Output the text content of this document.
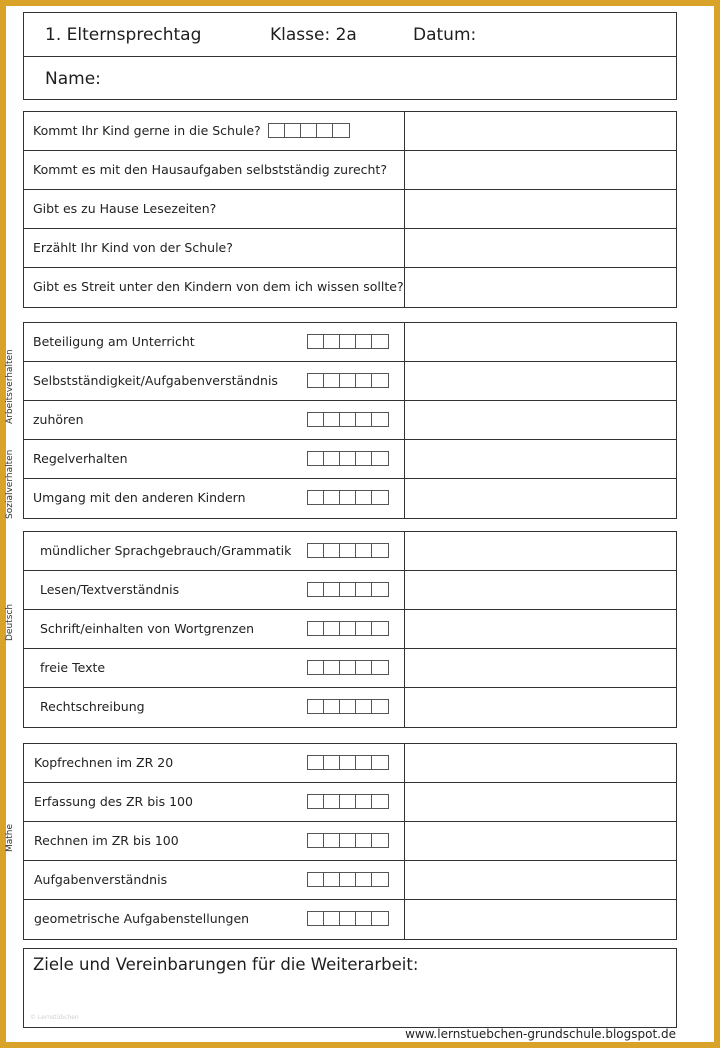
1. Elternsprechtag	Klasse: 2a	Datum:
Name:
Arbeitsverhalten
Sozialverhalten
Deutsch
Mathe
Kommt Ihr Kind gerne in die Schule?
Kommt es mit den Hausaufgaben selbstständig zurecht?
Gibt es zu Hause Lesezeiten?
Erzählt Ihr Kind von der Schule?
Gibt es Streit unter den Kindern von dem ich wissen sollte?
Beteiligung am Unterricht
Selbstständigkeit/Aufgabenverständnis
zuhören
Regelverhalten
Umgang mit den anderen Kindern
mündlicher Sprachgebrauch/Grammatik
Lesen/Textverständnis
Schrift/einhalten von Wortgrenzen
freie Texte
Rechtschreibung
Kopfrechnen im ZR 20
Erfassung des ZR bis 100
Rechnen im ZR bis 100
Aufgabenverständnis
geometrische Aufgabenstellungen
Ziele und Vereinbarungen für die Weiterarbeit:
© Lernstübchen
www.lernstuebchen-grundschule.blogspot.de
